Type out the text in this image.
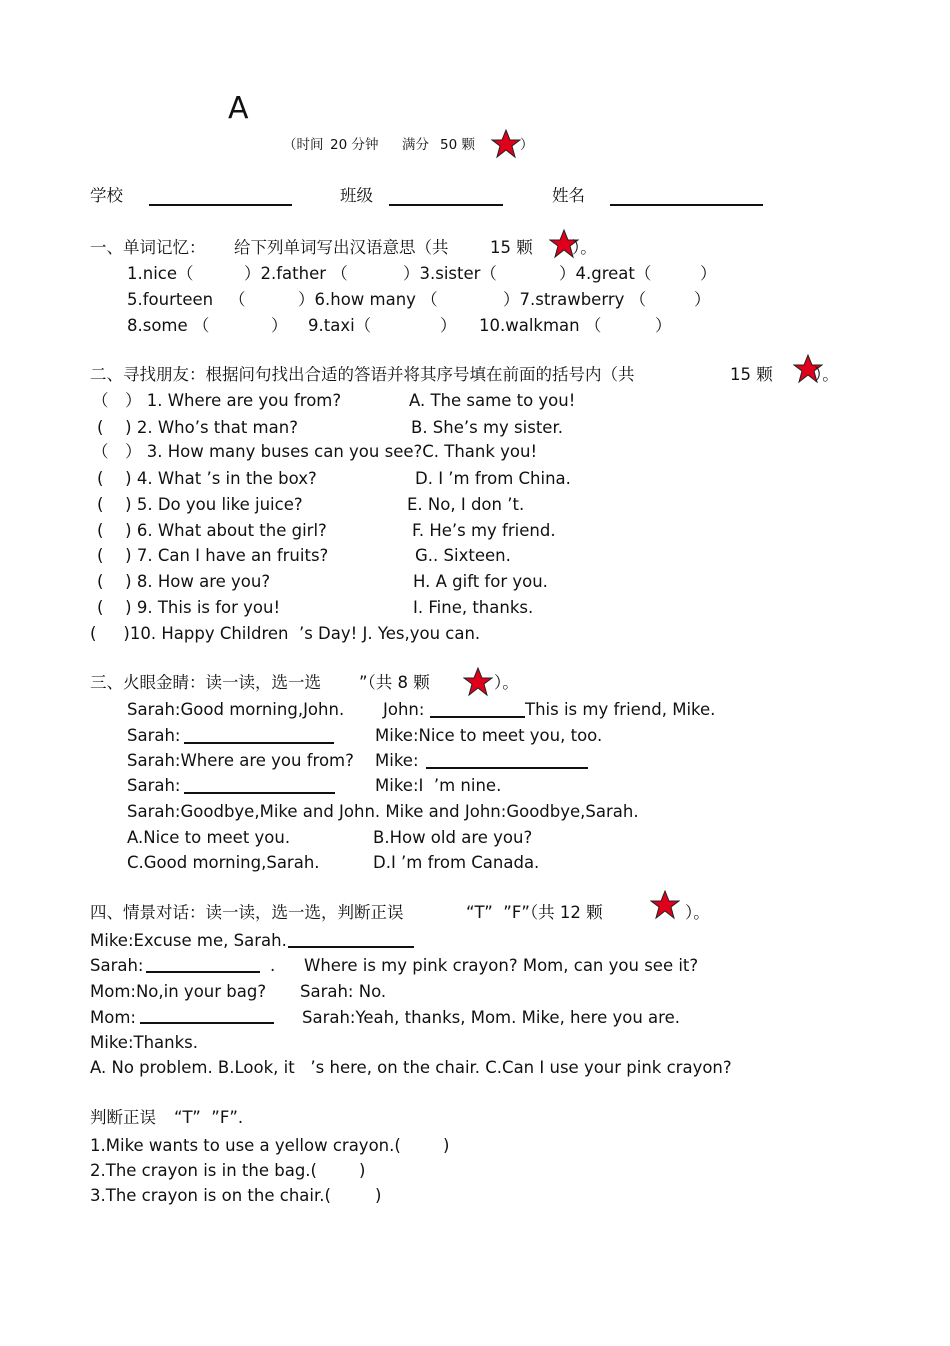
A
（时间 20 分钟 满分 50 颗	）
学校	班级	姓名
一、单词记忆： 给下列单词写出汉语意思（共	15 颗 ）。
1.nice（	）2.father （	）3.sister（	）4.great（	）
5.fourteen （	）6.how many （	）7.strawberry （	）
8.some （	） 9.taxi（	） 10.walkman （	）
二、寻找朋友：根据问句找出合适的答语并将其序号填在前面的括号内（共	15 颗	）。
（　） 1. Where are you from?	A. The same to you!
(　 ) 2. Who’s that man?	B. She’s my sister.
（　） 3. How many buses can you see?C. Thank you!
(　 ) 4. What ’s in the box?	D. I ’m from China.
(　 ) 5. Do you like juice?	E. No, I don ’t.
(　 ) 6. What about the girl?	F. He’s my friend.
(　 ) 7. Can I have an fruits?	G.. Sixteen.
(　 ) 8. How are you?	H. A gift for you.
(　 ) 9. This is for you!	I. Fine, thanks.
(　  )10. Happy Children  ’s Day! J. Yes,you can.
三、火眼金睛：读一读，选一选 ”（共 8 颗	）。
Sarah:Good morning,John. John:	This is my friend, Mike.
Sarah:	Mike:Nice to meet you, too.
Sarah:Where are you from? Mike:
Sarah:	Mike:I  ’m nine.
Sarah:Goodbye,Mike and John. Mike and John:Goodbye,Sarah.
A.Nice to meet you.	B.How old are you?
C.Good morning,Sarah.	D.I ’m from Canada.
四、情景对话：读一读，选一选，判断正误	“T”  ”F”（共 12 颗	）。
Mike:Excuse me, Sarah.
Sarah:	. Where is my pink crayon? Mom, can you see it?
Mom:No,in your bag? Sarah: No.
Mom:	Sarah:Yeah, thanks, Mom. Mike, here you are.
Mike:Thanks.
A. No problem. B.Look, it   ’s here, on the chair. C.Can I use your pink crayon?
判断正误 “T”  ”F”.
1.Mike wants to use a yellow crayon.(	)
2.The crayon is in the bag.(	)
3.The crayon is on the chair.(	)
